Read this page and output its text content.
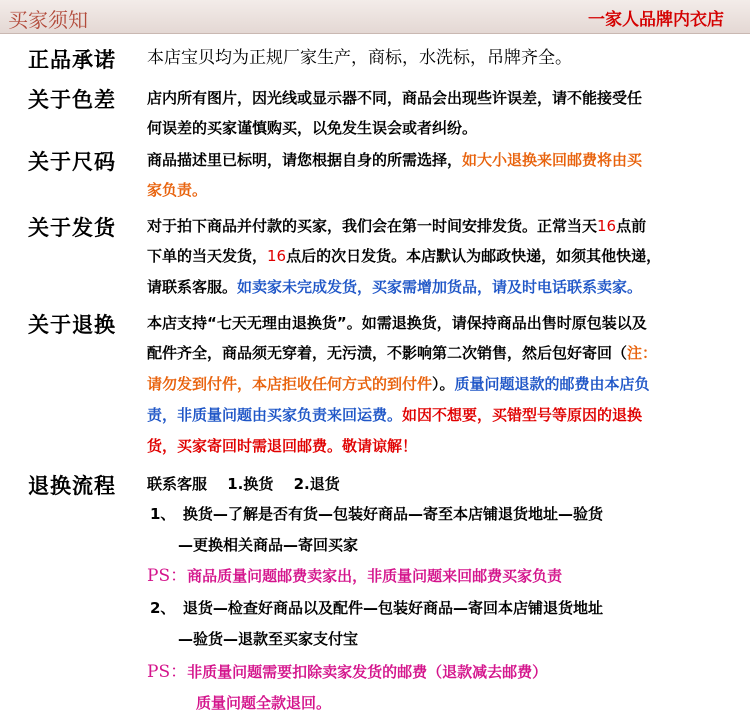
买家须知	一家人品牌内衣店
正品承诺 本店宝贝均为正规厂家生产，商标，水洗标，吊牌齐全。
关于色差 店内所有图片，因光线或显示器不同，商品会出现些许误差，请不能接受任
何误差的买家谨慎购买，以免发生误会或者纠纷。
关于尺码 商品描述里已标明，请您根据自身的所需选择，如大小退换来回邮费将由买
家负责。
关于发货 对于拍下商品并付款的买家，我们会在第一时间安排发货。正常当天16点前
下单的当天发货，16点后的次日发货。本店默认为邮政快递，如须其他快递，
请联系客服。如卖家未完成发货，买家需增加货品，请及时电话联系卖家。
关于退换 本店支持“七天无理由退换货”。如需退换货，请保持商品出售时原包装以及
配件齐全，商品须无穿着，无污渍，不影响第二次销售，然后包好寄回（注：
请勿发到付件，本店拒收任何方式的到付件）。质量问题退款的邮费由本店负
责，非质量问题由买家负责来回运费。如因不想要，买错型号等原因的退换
货，买家寄回时需退回邮费。敬请谅解！
退换流程 联系客服　 1.换货　 2.退货
1、　换货—了解是否有货—包装好商品—寄至本店铺退货地址—验货
—更换相关商品—寄回买家
PS：商品质量问题邮费卖家出，非质量问题来回邮费买家负责
2、　退货—检查好商品以及配件—包装好商品—寄回本店铺退货地址
—验货—退款至买家支付宝
PS：非质量问题需要扣除卖家发货的邮费（退款减去邮费）
质量问题全款退回。
